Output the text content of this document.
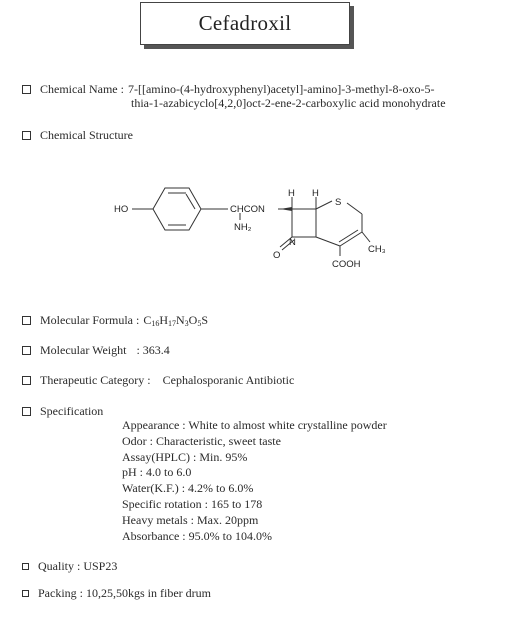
Cefadroxil
Chemical Name : 7-[[amino-(4-hydroxyphenyl)acetyl]-amino]-3-methyl-8-oxo-5-
thia-1-azabicyclo[4,2,0]oct-2-ene-2-carboxylic acid monohydrate
Chemical Structure
HO	CHCON
NH₂
H H
S
N
O
CH₃
COOH
Molecular Formula : $C_{16}H_{17}N_3O_5S$
Molecular Weight : 363.4
Therapeutic Category : Cephalosporanic Antibiotic
Specification
Appearance : White to almost white crystalline powder
Odor : Characteristic, sweet taste
Assay(HPLC) : Min. 95%
pH : 4.0 to 6.0
Water(K.F.) : 4.2% to 6.0%
Specific rotation : 165 to 178
Heavy metals : Max. 20ppm
Absorbance : 95.0% to 104.0%
Quality : USP23
Packing : 10,25,50kgs in fiber drum
